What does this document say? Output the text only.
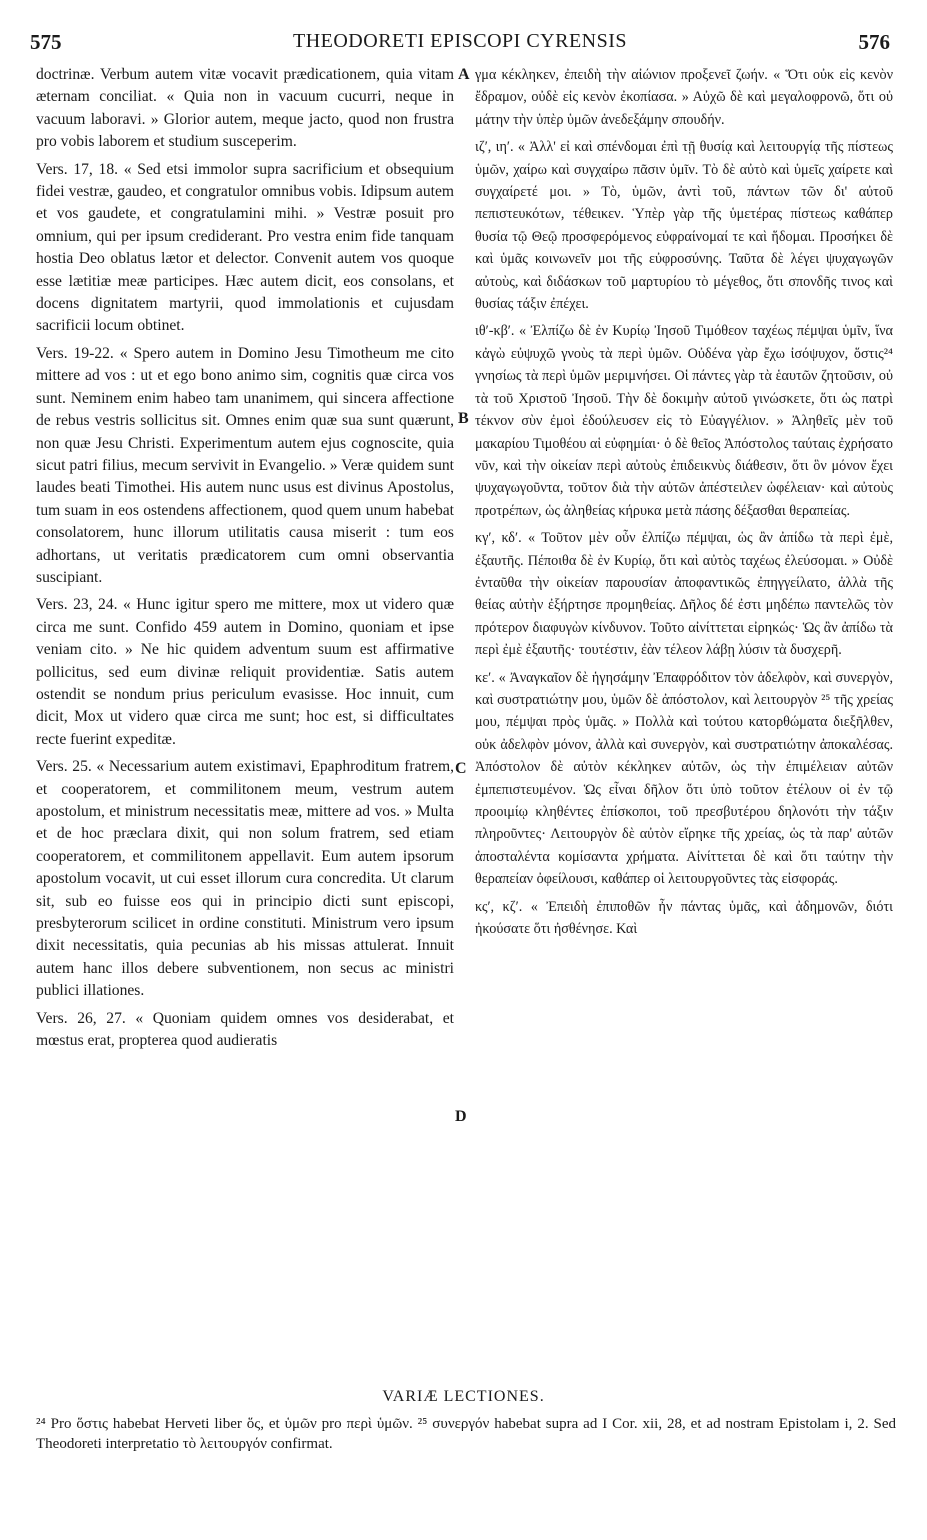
575	THEODORETI EPISCOPI CYRENSIS	576

doctrinæ. Verbum autem vitæ vocavit prædicationem, quia vitam æternam conciliat. « Quia non in vacuum cucurri, neque in vacuum laboravi. » Glorior autem, meque jacto, quod non frustra pro vobis laborem et studium susceperim.

Vers. 17, 18. « Sed etsi immolor supra sacrificium et obsequium fidei vestræ, gaudeo, et congratulor omnibus vobis. Idipsum autem et vos gaudete, et congratulamini mihi. » Vestræ posuit pro omnium, qui per ipsum crediderant. Pro vestra enim fide tanquam hostia Deo oblatus lætor et delector. Convenit autem vos quoque esse lætitiæ meæ participes. Hæc autem dicit, eos consolans, et docens dignitatem martyrii, quod immolationis et cujusdam sacrificii locum obtinet.

Vers. 19-22. « Spero autem in Domino Jesu Timotheum me cito mittere ad vos : ut et ego bono animo sim, cognitis quæ circa vos sunt. Neminem enim habeo tam unanimem, qui sincera affectione de rebus vestris sollicitus sit. Omnes enim quæ sua sunt quærunt, non quæ Jesu Christi. Experimentum autem ejus cognoscite, quia sicut patri filius, mecum servivit in Evangelio. » Veræ quidem sunt laudes beati Timothei. His autem nunc usus est divinus Apostolus, tum suam in eos ostendens affectionem, quod quem unum habebat consolatorem, hunc illorum utilitatis causa miserit : tum eos adhortans, ut veritatis prædicatorem cum omni observantia suscipiant.

Vers. 23, 24. « Hunc igitur spero me mittere, mox ut videro quæ circa me sunt. Confido 459 autem in Domino, quoniam et ipse veniam cito. » Ne hic quidem adventum suum est affirmative pollicitus, sed eum divinæ reliquit providentiæ. Satis autem ostendit se nondum prius periculum evasisse. Hoc innuit, cum dicit, Mox ut videro quæ circa me sunt; hoc est, si difficultates recte fuerint expeditæ.

Vers. 25. « Necessarium autem existimavi, Epaphroditum fratrem, et cooperatorem, et commilitonem meum, vestrum autem apostolum, et ministrum necessitatis meæ, mittere ad vos. » Multa et de hoc præclara dixit, qui non solum fratrem, sed etiam cooperatorem, et commilitonem appellavit. Eum autem ipsorum apostolum vocavit, ut cui esset illorum cura concredita. Ut clarum sit, sub eo fuisse eos qui in principio dicti sunt episcopi, presbyterorum scilicet in ordine constituti. Ministrum vero ipsum dixit necessitatis, quia pecunias ab his missas attulerat. Innuit autem hanc illos debere subventionem, non secus ac ministri publici illationes.

Vers. 26, 27. « Quoniam quidem omnes vos desiderabat, et mœstus erat, propterea quod audieratis

A
B
C
D

γμα κέκληκεν, ἐπειδὴ τὴν αἰώνιον προξενεῖ ζωήν. « Ὅτι οὐκ εἰς κενὸν ἔδραμον, οὐδὲ εἰς κενὸν ἐκοπίασα. » Αὐχῶ δὲ καὶ μεγαλοφρονῶ, ὅτι οὐ μάτην τὴν ὑπὲρ ὑμῶν ἀνεδεξάμην σπουδήν.

ιζʹ, ιηʹ. « Ἀλλ' εἰ καὶ σπένδομαι ἐπὶ τῇ θυσίᾳ καὶ λειτουργίᾳ τῆς πίστεως ὑμῶν, χαίρω καὶ συγχαίρω πᾶσιν ὑμῖν. Τὸ δὲ αὐτὸ καὶ ὑμεῖς χαίρετε καὶ συγχαίρετέ μοι. » Τὸ, ὑμῶν, ἀντὶ τοῦ, πάντων τῶν δι' αὐτοῦ πεπιστευκότων, τέθεικεν. Ὑπὲρ γὰρ τῆς ὑμετέρας πίστεως καθάπερ θυσία τῷ Θεῷ προσφερόμενος εὐφραίνομαί τε καὶ ἥδομαι. Προσήκει δὲ καὶ ὑμᾶς κοινωνεῖν μοι τῆς εὐφροσύνης. Ταῦτα δὲ λέγει ψυχαγωγῶν αὐτοὺς, καὶ διδάσκων τοῦ μαρτυρίου τὸ μέγεθος, ὅτι σπονδῆς τινος καὶ θυσίας τάξιν ἐπέχει.

ιθʹ-κβʹ. « Ἐλπίζω δὲ ἐν Κυρίῳ Ἰησοῦ Τιμόθεον ταχέως πέμψαι ὑμῖν, ἵνα κἀγὼ εὐψυχῶ γνοὺς τὰ περὶ ὑμῶν. Οὐδένα γὰρ ἔχω ἰσόψυχον, ὅστις²⁴ γνησίως τὰ περὶ ὑμῶν μεριμνήσει. Οἱ πάντες γὰρ τὰ ἑαυτῶν ζητοῦσιν, οὐ τὰ τοῦ Χριστοῦ Ἰησοῦ. Τὴν δὲ δοκιμὴν αὐτοῦ γινώσκετε, ὅτι ὡς πατρὶ τέκνον σὺν ἐμοὶ ἐδούλευσεν εἰς τὸ Εὐαγγέλιον. » Ἀληθεῖς μὲν τοῦ μακαρίου Τιμοθέου αἱ εὐφημίαι· ὁ δὲ θεῖος Ἀπόστολος ταύταις ἐχρήσατο νῦν, καὶ τὴν οἰκείαν περὶ αὐτοὺς ἐπιδεικνὺς διάθεσιν, ὅτι ὃν μόνον ἔχει ψυχαγωγοῦντα, τοῦτον διὰ τὴν αὐτῶν ἀπέστειλεν ὠφέλειαν· καὶ αὐτοὺς προτρέπων, ὡς ἀληθείας κήρυκα μετὰ πάσης δέξασθαι θεραπείας.

κγʹ, κδʹ. « Τοῦτον μὲν οὖν ἐλπίζω πέμψαι, ὡς ἂν ἀπίδω τὰ περὶ ἐμὲ, ἐξαυτῆς. Πέποιθα δὲ ἐν Κυρίῳ, ὅτι καὶ αὐτὸς ταχέως ἐλεύσομαι. » Οὐδὲ ἐνταῦθα τὴν οἰκείαν παρουσίαν ἀποφαντικῶς ἐπηγγείλατο, ἀλλὰ τῆς θείας αὐτὴν ἐξήρτησε προμηθείας. Δῆλος δέ ἐστι μηδέπω παντελῶς τὸν πρότερον διαφυγὼν κίνδυνον. Τοῦτο αἰνίττεται εἰρηκώς· Ὡς ἂν ἀπίδω τὰ περὶ ἐμὲ ἐξαυτῆς· τουτέστιν, ἐὰν τέλεον λάβῃ λύσιν τὰ δυσχερῆ.

κεʹ. « Ἀναγκαῖον δὲ ἡγησάμην Ἐπαφρόδιτον τὸν ἀδελφὸν, καὶ συνεργὸν, καὶ συστρατιώτην μου, ὑμῶν δὲ ἀπόστολον, καὶ λειτουργὸν ²⁵ τῆς χρείας μου, πέμψαι πρὸς ὑμᾶς. » Πολλὰ καὶ τούτου κατορθώματα διεξῆλθεν, οὐκ ἀδελφὸν μόνον, ἀλλὰ καὶ συνεργὸν, καὶ συστρατιώτην ἀποκαλέσας. Ἀπόστολον δὲ αὐτὸν κέκληκεν αὐτῶν, ὡς τὴν ἐπιμέλειαν αὐτῶν ἐμπεπιστευμένον. Ὡς εἶναι δῆλον ὅτι ὑπὸ τοῦτον ἐτέλουν οἱ ἐν τῷ προοιμίῳ κληθέντες ἐπίσκοποι, τοῦ πρεσβυτέρου δηλονότι τὴν τάξιν πληροῦντες· Λειτουργὸν δὲ αὐτὸν εἴρηκε τῆς χρείας, ὡς τὰ παρ' αὐτῶν ἀποσταλέντα κομίσαντα χρήματα. Αἰνίττεται δὲ καὶ ὅτι ταύτην τὴν θεραπείαν ὀφείλουσι, καθάπερ οἱ λειτουργοῦντες τὰς εἰσφοράς.

κςʹ, κζʹ. « Ἐπειδὴ ἐπιποθῶν ἦν πάντας ὑμᾶς, καὶ ἀδημονῶν, διότι ἠκούσατε ὅτι ἠσθένησε. Καὶ

VARIÆ LECTIONES.

²⁴ Pro ὅστις habebat Herveti liber ὅς, et ὑμῶν pro περὶ ὑμῶν. ²⁵ συνεργόν habebat supra ad I Cor. xii, 28, et ad nostram Epistolam i, 2. Sed Theodoreti interpretatio τὸ λειτουργόν confirmat.
